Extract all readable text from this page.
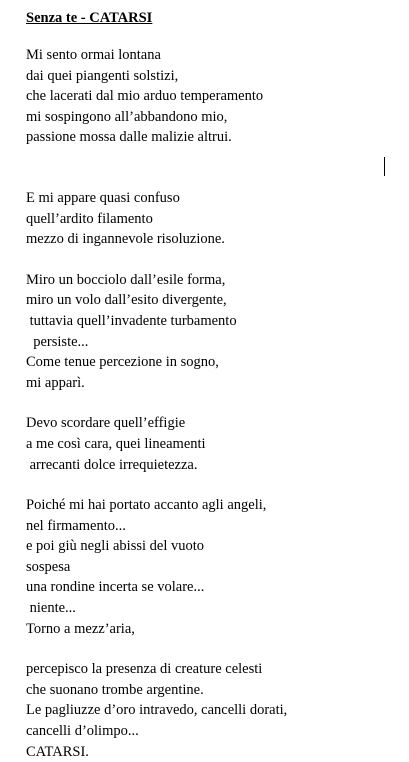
Senza te - CATARSI

Mi sento ormai lontana
dai quei piangenti solstizi,
che lacerati dal mio arduo temperamento
mi sospingono all’abbandono mio,
passione mossa dalle malizie altrui.
E mi appare quasi confuso
quell’ardito filamento
mezzo di ingannevole risoluzione.
Miro un bocciolo dall’esile forma,
miro un volo dall’esito divergente,
tuttavia quell’invadente turbamento
persiste...
Come tenue percezione in sogno,
mi apparì.
Devo scordare quell’effigie
a me così cara, quei lineamenti
arrecanti dolce irrequietezza.
Poiché mi hai portato accanto agli angeli,
nel firmamento...
e poi giù negli abissi del vuoto
sospesa
una rondine incerta se volare...
niente...
Torno a mezz’aria,
percepisco la presenza di creature celesti
che suonano trombe argentine.
Le pagliuzze d’oro intravedo, cancelli dorati,
cancelli d’olimpo...
CATARSI.
